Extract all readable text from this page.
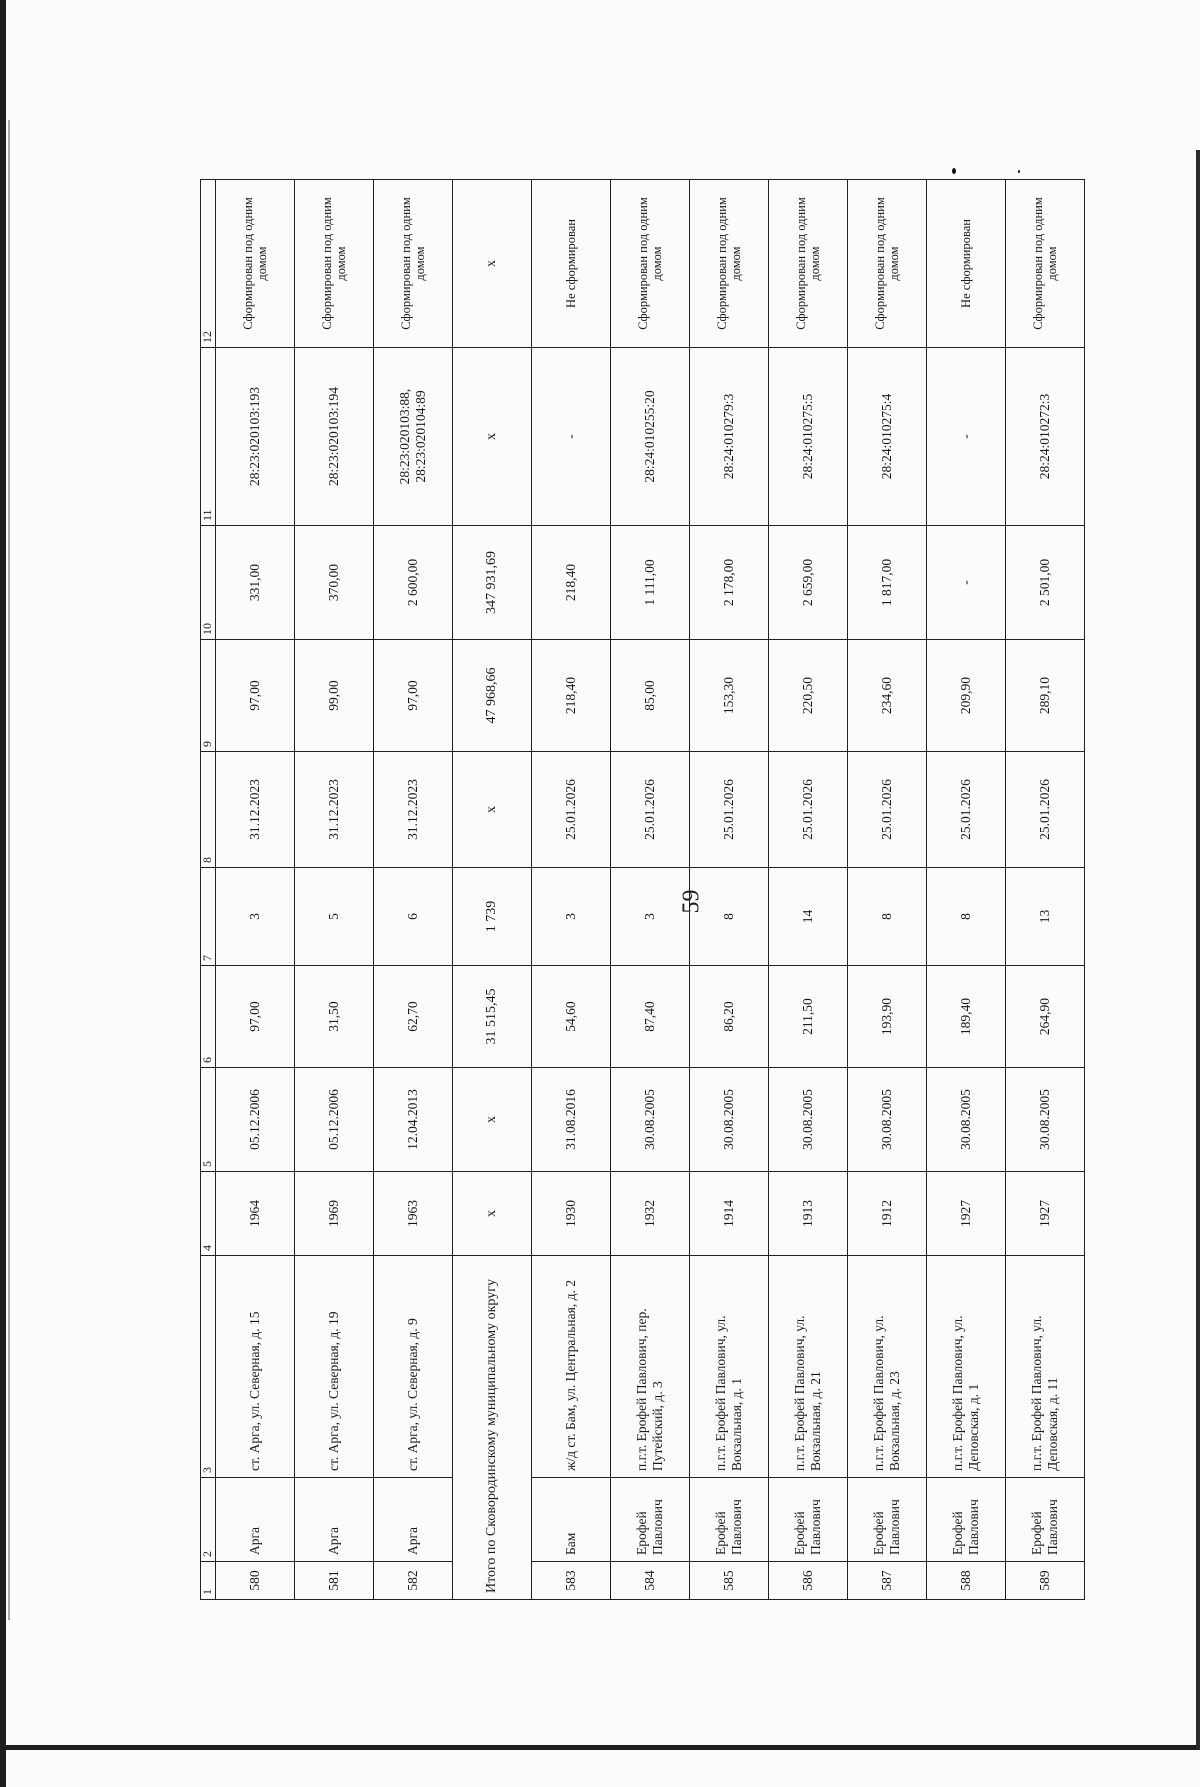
59
1	2	3	4	5	6	7	8	9	10	11	12
580	Арга	ст. Арга, ул. Северная, д. 15	1964	05.12.2006	97,00	3	31.12.2023	97,00	331,00	28:23:020103:193	Сформирован под одним домом
581	Арга	ст. Арга, ул. Северная, д. 19	1969	05.12.2006	31,50	5	31.12.2023	99,00	370,00	28:23:020103:194	Сформирован под одним домом
582	Арга	ст. Арга, ул. Северная, д. 9	1963	12.04.2013	62,70	6	31.12.2023	97,00	2 600,00	28:23:020103:88, 28:23:020104:89	Сформирован под одним домом
Итого по Сковородинскому муниципальному округу			x	x	31 515,45	1 739	x	47 968,66	347 931,69	x	x
583	Бам	ж/д ст. Бам, ул. Центральная, д. 2	1930	31.08.2016	54,60	3	25.01.2026	218,40	218,40	-	Не сформирован
584	Ерофей Павлович	п.г.т. Ерофей Павлович, пер. Путейский, д. 3	1932	30.08.2005	87,40	3	25.01.2026	85,00	1 111,00	28:24:010255:20	Сформирован под одним домом
585	Ерофей Павлович	п.г.т. Ерофей Павлович, ул. Вокзальная, д. 1	1914	30.08.2005	86,20	8	25.01.2026	153,30	2 178,00	28:24:010279:3	Сформирован под одним домом
586	Ерофей Павлович	п.г.т. Ерофей Павлович, ул. Вокзальная, д. 21	1913	30.08.2005	211,50	14	25.01.2026	220,50	2 659,00	28:24:010275:5	Сформирован под одним домом
587	Ерофей Павлович	п.г.т. Ерофей Павлович, ул. Вокзальная, д. 23	1912	30.08.2005	193,90	8	25.01.2026	234,60	1 817,00	28:24:010275:4	Сформирован под одним домом
588	Ерофей Павлович	п.г.т. Ерофей Павлович, ул. Деповская, д. 1	1927	30.08.2005	189,40	8	25.01.2026	209,90	-	-	Не сформирован
589	Ерофей Павлович	п.г.т. Ерофей Павлович, ул. Деповская, д. 11	1927	30.08.2005	264,90	13	25.01.2026	289,10	2 501,00	28:24:010272:3	Сформирован под одним домом
